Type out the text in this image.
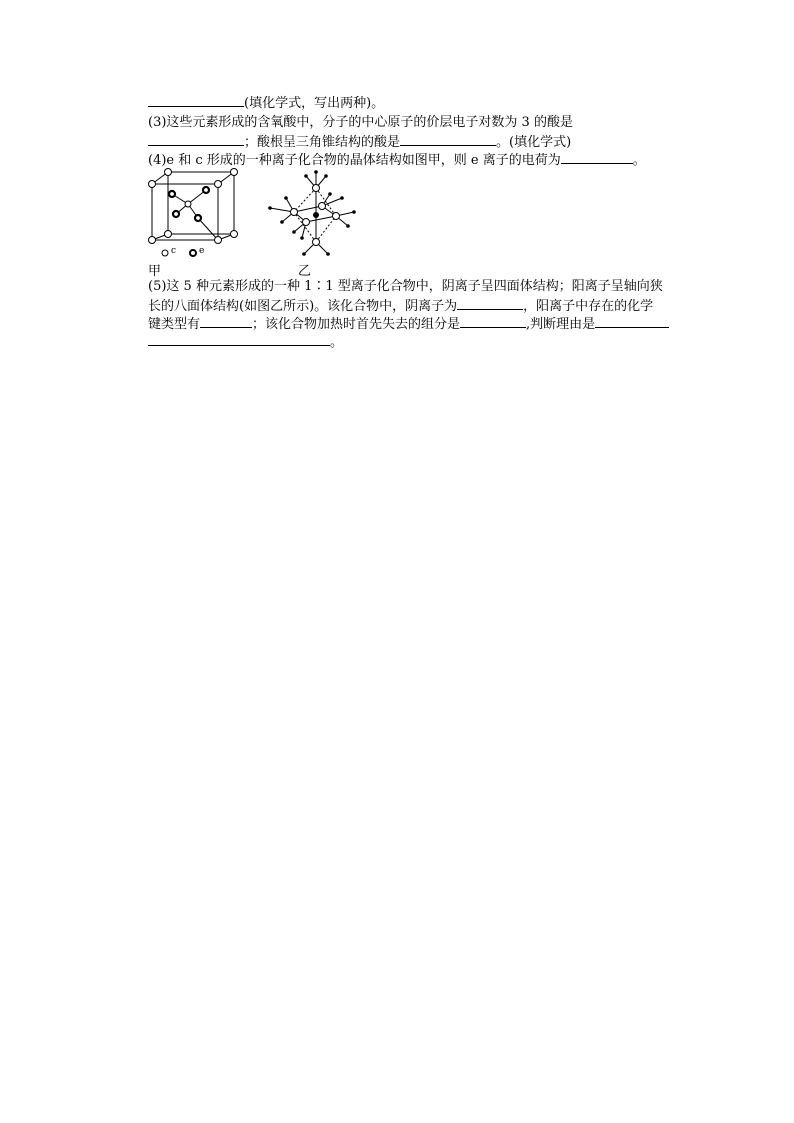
(填化学式，写出两种)。
(3)这些元素形成的含氧酸中，分子的中心原子的价层电子对数为 3 的酸是
；酸根呈三角锥结构的酸是	。(填化学式)
(4)e 和 c 形成的一种离子化合物的晶体结构如图甲，则 e 离子的电荷为	。
c	e
甲	乙
(5)这 5 种元素形成的一种 1∶1 型离子化合物中，阴离子呈四面体结构；阳离子呈轴向狭
长的八面体结构(如图乙所示)。该化合物中，阴离子为	，阳离子中存在的化学
键类型有	；该化合物加热时首先失去的组分是	,判断理由是
。
